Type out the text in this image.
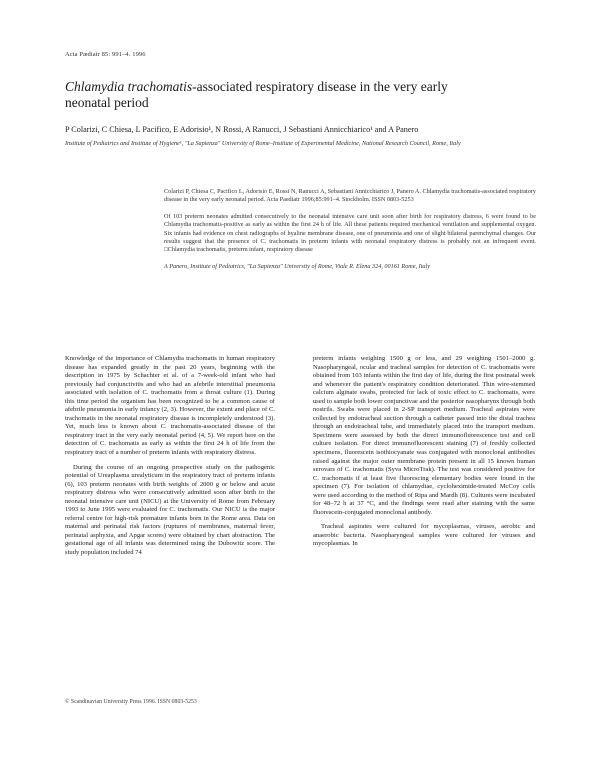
Acta Pædiatr 85: 991–4. 1996
Chlamydia trachomatis-associated respiratory disease in the very early neonatal period
P Colarizi, C Chiesa, L Pacifico, E Adorisio¹, N Rossi, A Ranucci, J Sebastiani Annicchiarico¹ and A Panero
Institute of Pediatrics and Institute of Hygiene¹, "La Sapienza" University of Rome–Institute of Experimental Medicine, National Research Council, Rome, Italy

Colarizi P, Chiesa C, Pacifico L, Adorisio E, Rossi N, Ranucci A, Sebastiani Annicchiarico J, Panero A. Chlamydia trachomatis-associated respiratory disease in the very early neonatal period. Acta Paediatr 1996;85:991–4. Stockholm. ISSN 0803-5253

Of 103 preterm neonates admitted consecutively to the neonatal intensive care unit soon after birth for respiratory distress, 6 were found to be Chlamydia trachomatis-positive as early as within the first 24 h of life. All these patients required mechanical ventilation and supplemental oxygen. Six infants had evidence on chest radiographs of hyaline membrane disease, one of pneumonia and one of slight bilateral parenchymal changes. Our results suggest that the presence of C. trachomatis in preterm infants with neonatal respiratory distress is probably not an infrequent event. □Chlamydia trachomatis, preterm infant, respiratory disease

A Panero, Institute of Pediatrics, "La Sapienza" University of Rome, Viale R. Elena 324, 00161 Rome, Italy

Knowledge of the importance of Chlamydia trachomatis in human respiratory disease has expanded greatly in the past 20 years, beginning with the description in 1975 by Schachter et al. of a 7-week-old infant who had previously had conjunctivitis and who had an afebrile interstitial pneumonia associated with isolation of C. trachomatis from a throat culture (1). During this time period the organism has been recognized to be a common cause of afebrile pneumonia in early infancy (2, 3). However, the extent and place of C. trachomatis in the neonatal respiratory disease is incompletely understood (3). Yet, much less is known about C. trachomatis-associated disease of the respiratory tract in the very early neonatal period (4, 5). We report here on the detection of C. trachomatis as early as within the first 24 h of life from the respiratory tract of a number of preterm infants with respiratory distress.

During the course of an ongoing prospective study on the pathogenic potential of Ureaplasma urealyticum in the respiratory tract of preterm infants (6), 103 preterm neonates with birth weights of 2000 g or below and acute respiratory distress who were consecutively admitted soon after birth to the neonatal intensive care unit (NICU) at the University of Rome from February 1993 to June 1995 were evaluated for C. trachomatis. Our NICU is the major referral centre for high-risk premature infants born in the Rome area. Data on maternal and perinatal risk factors (ruptures of membranes, maternal fever, perinatal asphyxia, and Apgar scores) were obtained by chart abstraction. The gestational age of all infants was determined using the Dubowitz score. The study population included 74

preterm infants weighing 1500 g or less, and 29 weighing 1501–2000 g. Nasopharyngeal, ocular and tracheal samples for detection of C. trachomatis were obtained from 103 infants within the first day of life, during the first postnatal week and whenever the patient's respiratory condition deteriorated. Thin wire-stemmed calcium alginate swabs, protected for lack of toxic effect to C. trachomatis, were used to sample both lower conjunctivae and the posterior nasopharynx through both nostrils. Swabs were placed in 2-SP transport medium. Tracheal aspirates were collected by endotracheal suction through a catheter passed into the distal trachea through an endotracheal tube, and immediately placed into the transport medium. Specimens were assessed by both the direct immunofluorescence test and cell culture isolation. For direct immunofluorescent staining (7) of freshly collected specimens, fluorescein isothiocyanate was conjugated with monoclonal antibodies raised against the major outer membrane protein present in all 15 known human serovars of C. trachomatis (Syva MicroTrak). The test was considered positive for C. trachomatis if at least five fluorescing elementary bodies were found in the specimen (7). For isolation of chlamydiae, cycloheximide-treated McCoy cells were used according to the method of Ripa and Mardh (8). Cultures were incubated for 48–72 h at 37 °C, and the findings were read after staining with the same fluorescein-conjugated monoclonal antibody.

Tracheal aspirates were cultured for mycoplasmas, viruses, aerobic and anaerobic bacteria. Nasopharyngeal samples were cultured for viruses and mycoplasmas. In

© Scandinavian University Press 1996. ISSN 0803-5253
